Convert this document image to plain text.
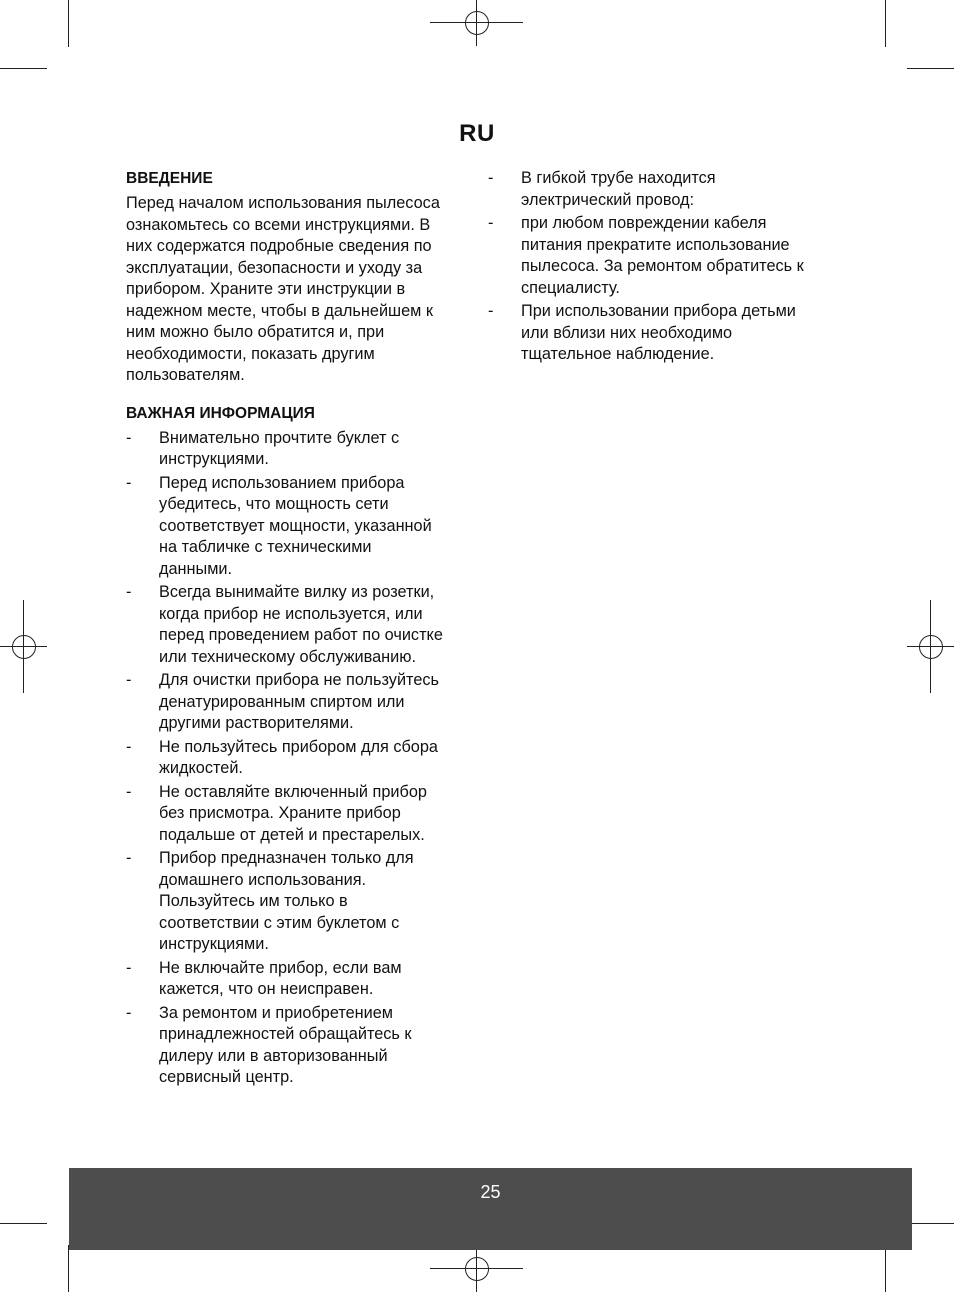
RU
ВВЕДЕНИЕ
Перед началом использования пылесоса
ознакомьтесь со всеми инструкциями. В
них содержатся подробные сведения по
эксплуатации, безопасности и уходу за
прибором. Храните эти инструкции в
надежном месте, чтобы в дальнейшем к
ним можно было обратится и, при
необходимости, показать другим
пользователям.
ВАЖНАЯ ИНФОРМАЦИЯ
- Внимательно прочтите буклет с
инструкциями.
- Перед использованием прибора
убедитесь, что мощность сети
соответствует мощности, указанной
на табличке с техническими
данными.
- Всегда вынимайте вилку из розетки,
когда прибор не используется, или
перед проведением работ по очистке
или техническому обслуживанию.
- Для очистки прибора не пользуйтесь
денатурированным спиртом или
другими растворителями.
- Не пользуйтесь прибором для сбора
жидкостей.
- Не оставляйте включенный прибор
без присмотра. Храните прибор
подальше от детей и престарелых.
- Прибор предназначен только для
домашнего использования.
Пользуйтесь им только в
соответствии с этим буклетом с
инструкциями.
- Не включайте прибор, если вам
кажется, что он неисправен.
- За ремонтом и приобретением
принадлежностей обращайтесь к
дилеру или в авторизованный
сервисный центр.
- В гибкой трубе находится
электрический провод:
- при любом повреждении кабеля
питания прекратите использование
пылесоса. За ремонтом обратитесь к
специалисту.
- При использовании прибора детьми
или вблизи них необходимо
тщательное наблюдение.
25
